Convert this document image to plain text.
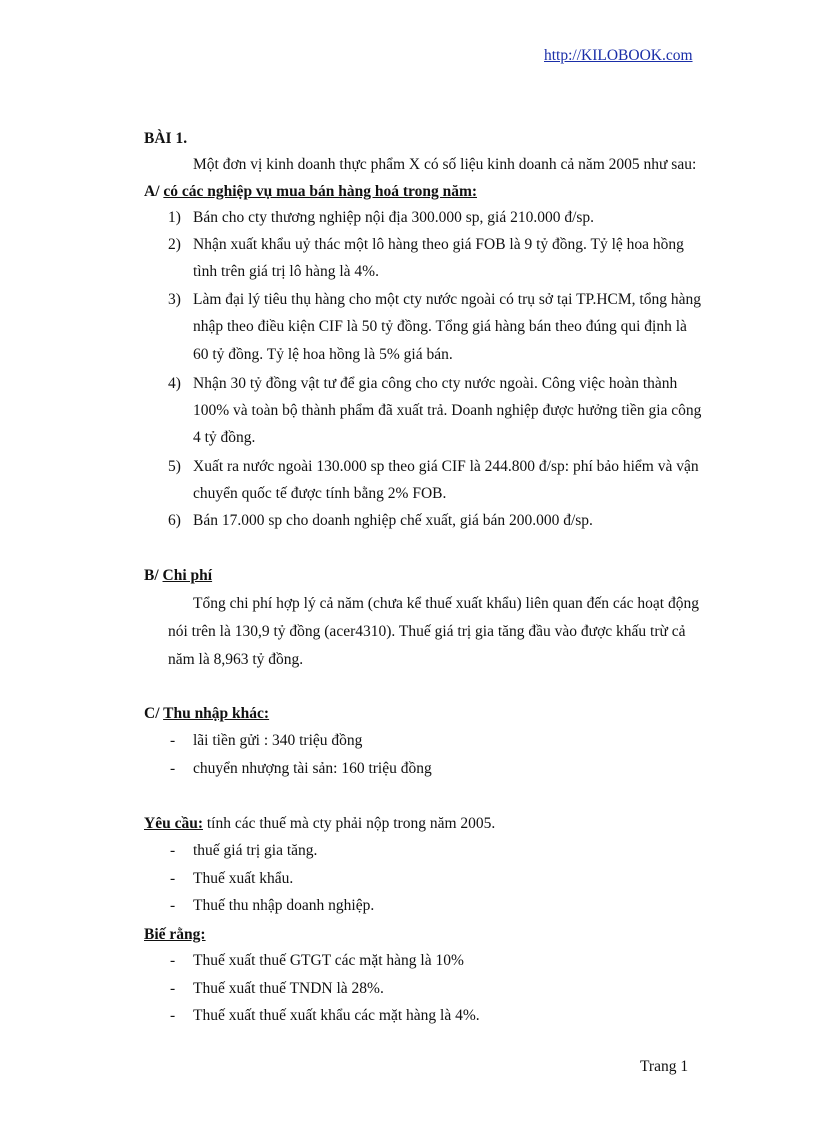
http://KILOBOOK.com
BÀI 1.
Một đơn vị kinh doanh thực phẩm X có số liệu kinh doanh cả năm 2005 như sau:
A/ có các nghiệp vụ mua bán hàng hoá trong năm:
1) Bán cho cty thương nghiệp nội địa 300.000 sp, giá 210.000 đ/sp.
2) Nhận xuất khẩu uỷ thác một lô hàng theo giá FOB là 9 tỷ đồng. Tỷ lệ hoa hồng
tình trên giá trị lô hàng là 4%.
3) Làm đại lý tiêu thụ hàng cho một cty nước ngoài có trụ sở tại TP.HCM, tổng hàng
nhập theo điều kiện CIF là 50 tỷ đồng. Tổng giá hàng bán theo đúng qui định là
60 tỷ đồng. Tỷ lệ hoa hồng là 5% giá bán.
4) Nhận 30 tỷ đồng vật tư để gia công cho cty nước ngoài. Công việc hoàn thành
100% và toàn bộ thành phẩm đã xuất trả. Doanh nghiệp được hưởng tiền gia công
4 tỷ đồng.
5) Xuất ra nước ngoài 130.000 sp theo giá CIF là 244.800 đ/sp: phí bảo hiểm và vận
chuyển quốc tế được tính bằng 2% FOB.
6) Bán 17.000 sp cho doanh nghiệp chế xuất, giá bán 200.000 đ/sp.
B/ Chi phí
Tổng chi phí hợp lý cả năm (chưa kể thuế xuất khẩu) liên quan đến các hoạt động
nói trên là 130,9 tỷ đồng (acer4310). Thuế giá trị gia tăng đầu vào được khấu trừ cả
năm là 8,963 tỷ đồng.
C/ Thu nhập khác:
- lãi tiền gửi : 340 triệu đồng
- chuyển nhượng tài sản: 160 triệu đồng
Yêu cầu: tính các thuế mà cty phải nộp trong năm 2005.
- thuế giá trị gia tăng.
- Thuế xuất khẩu.
- Thuế thu nhập doanh nghiệp.
Biế rằng:
- Thuế xuất thuế GTGT các mặt hàng là 10%
- Thuế xuất thuế TNDN là 28%.
- Thuế xuất thuế xuất khẩu các mặt hàng là 4%.
Trang 1
